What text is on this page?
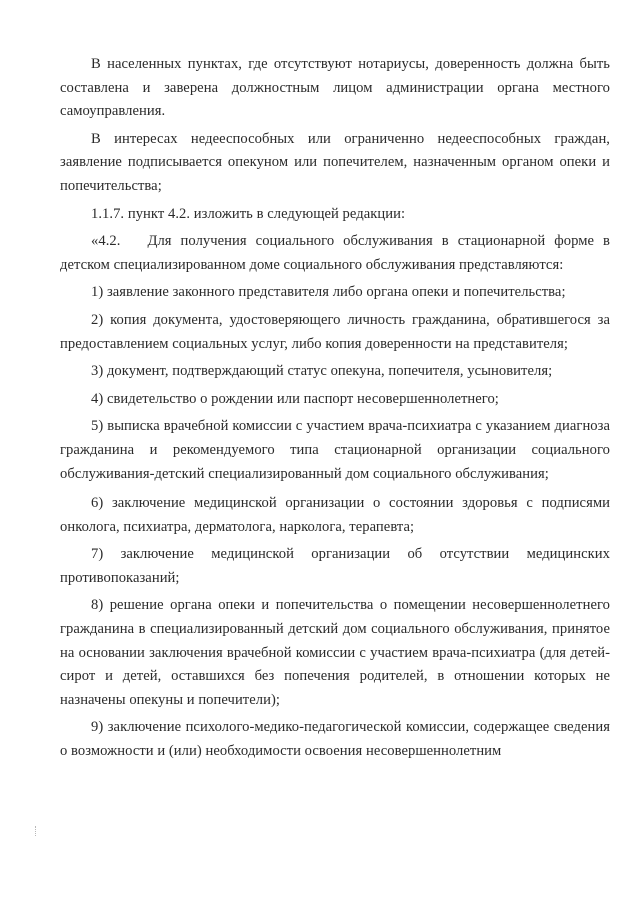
В населенных пунктах, где отсутствуют нотариусы, доверенность должна быть составлена и заверена должностным лицом администрации органа местного самоуправления.

В интересах недееспособных или ограниченно недееспособных граждан, заявление подписывается опекуном или попечителем, назначенным органом опеки и попечительства;

1.1.7. пункт 4.2. изложить в следующей редакции:

«4.2.   Для получения социального обслуживания в стационарной форме в детском специализированном доме социального обслуживания представляются:

1) заявление законного представителя либо органа опеки и попечительства;

2) копия документа, удостоверяющего личность гражданина, обратившегося за предоставлением социальных услуг, либо копия доверенности на представителя;

3) документ, подтверждающий статус опекуна, попечителя, усыновителя;

4) свидетельство о рождении или паспорт несовершеннолетнего;

5) выписка врачебной комиссии с участием врача-психиатра с указанием диагноза гражданина и рекомендуемого типа стационарной организации социального обслуживания-детский специализированный дом социального обслуживания;

6) заключение медицинской организации о состоянии здоровья с подписями онколога, психиатра, дерматолога, нарколога, терапевта;

7) заключение медицинской организации об отсутствии медицинских противопоказаний;

8) решение органа опеки и попечительства о помещении несовершеннолетнего гражданина в специализированный детский дом социального обслуживания, принятое на основании заключения врачебной комиссии с участием врача-психиатра (для детей-сирот и детей, оставшихся без попечения родителей, в отношении которых не назначены опекуны и попечители);

9) заключение психолого-медико-педагогической комиссии, содержащее сведения о возможности и (или) необходимости освоения несовершеннолетним
